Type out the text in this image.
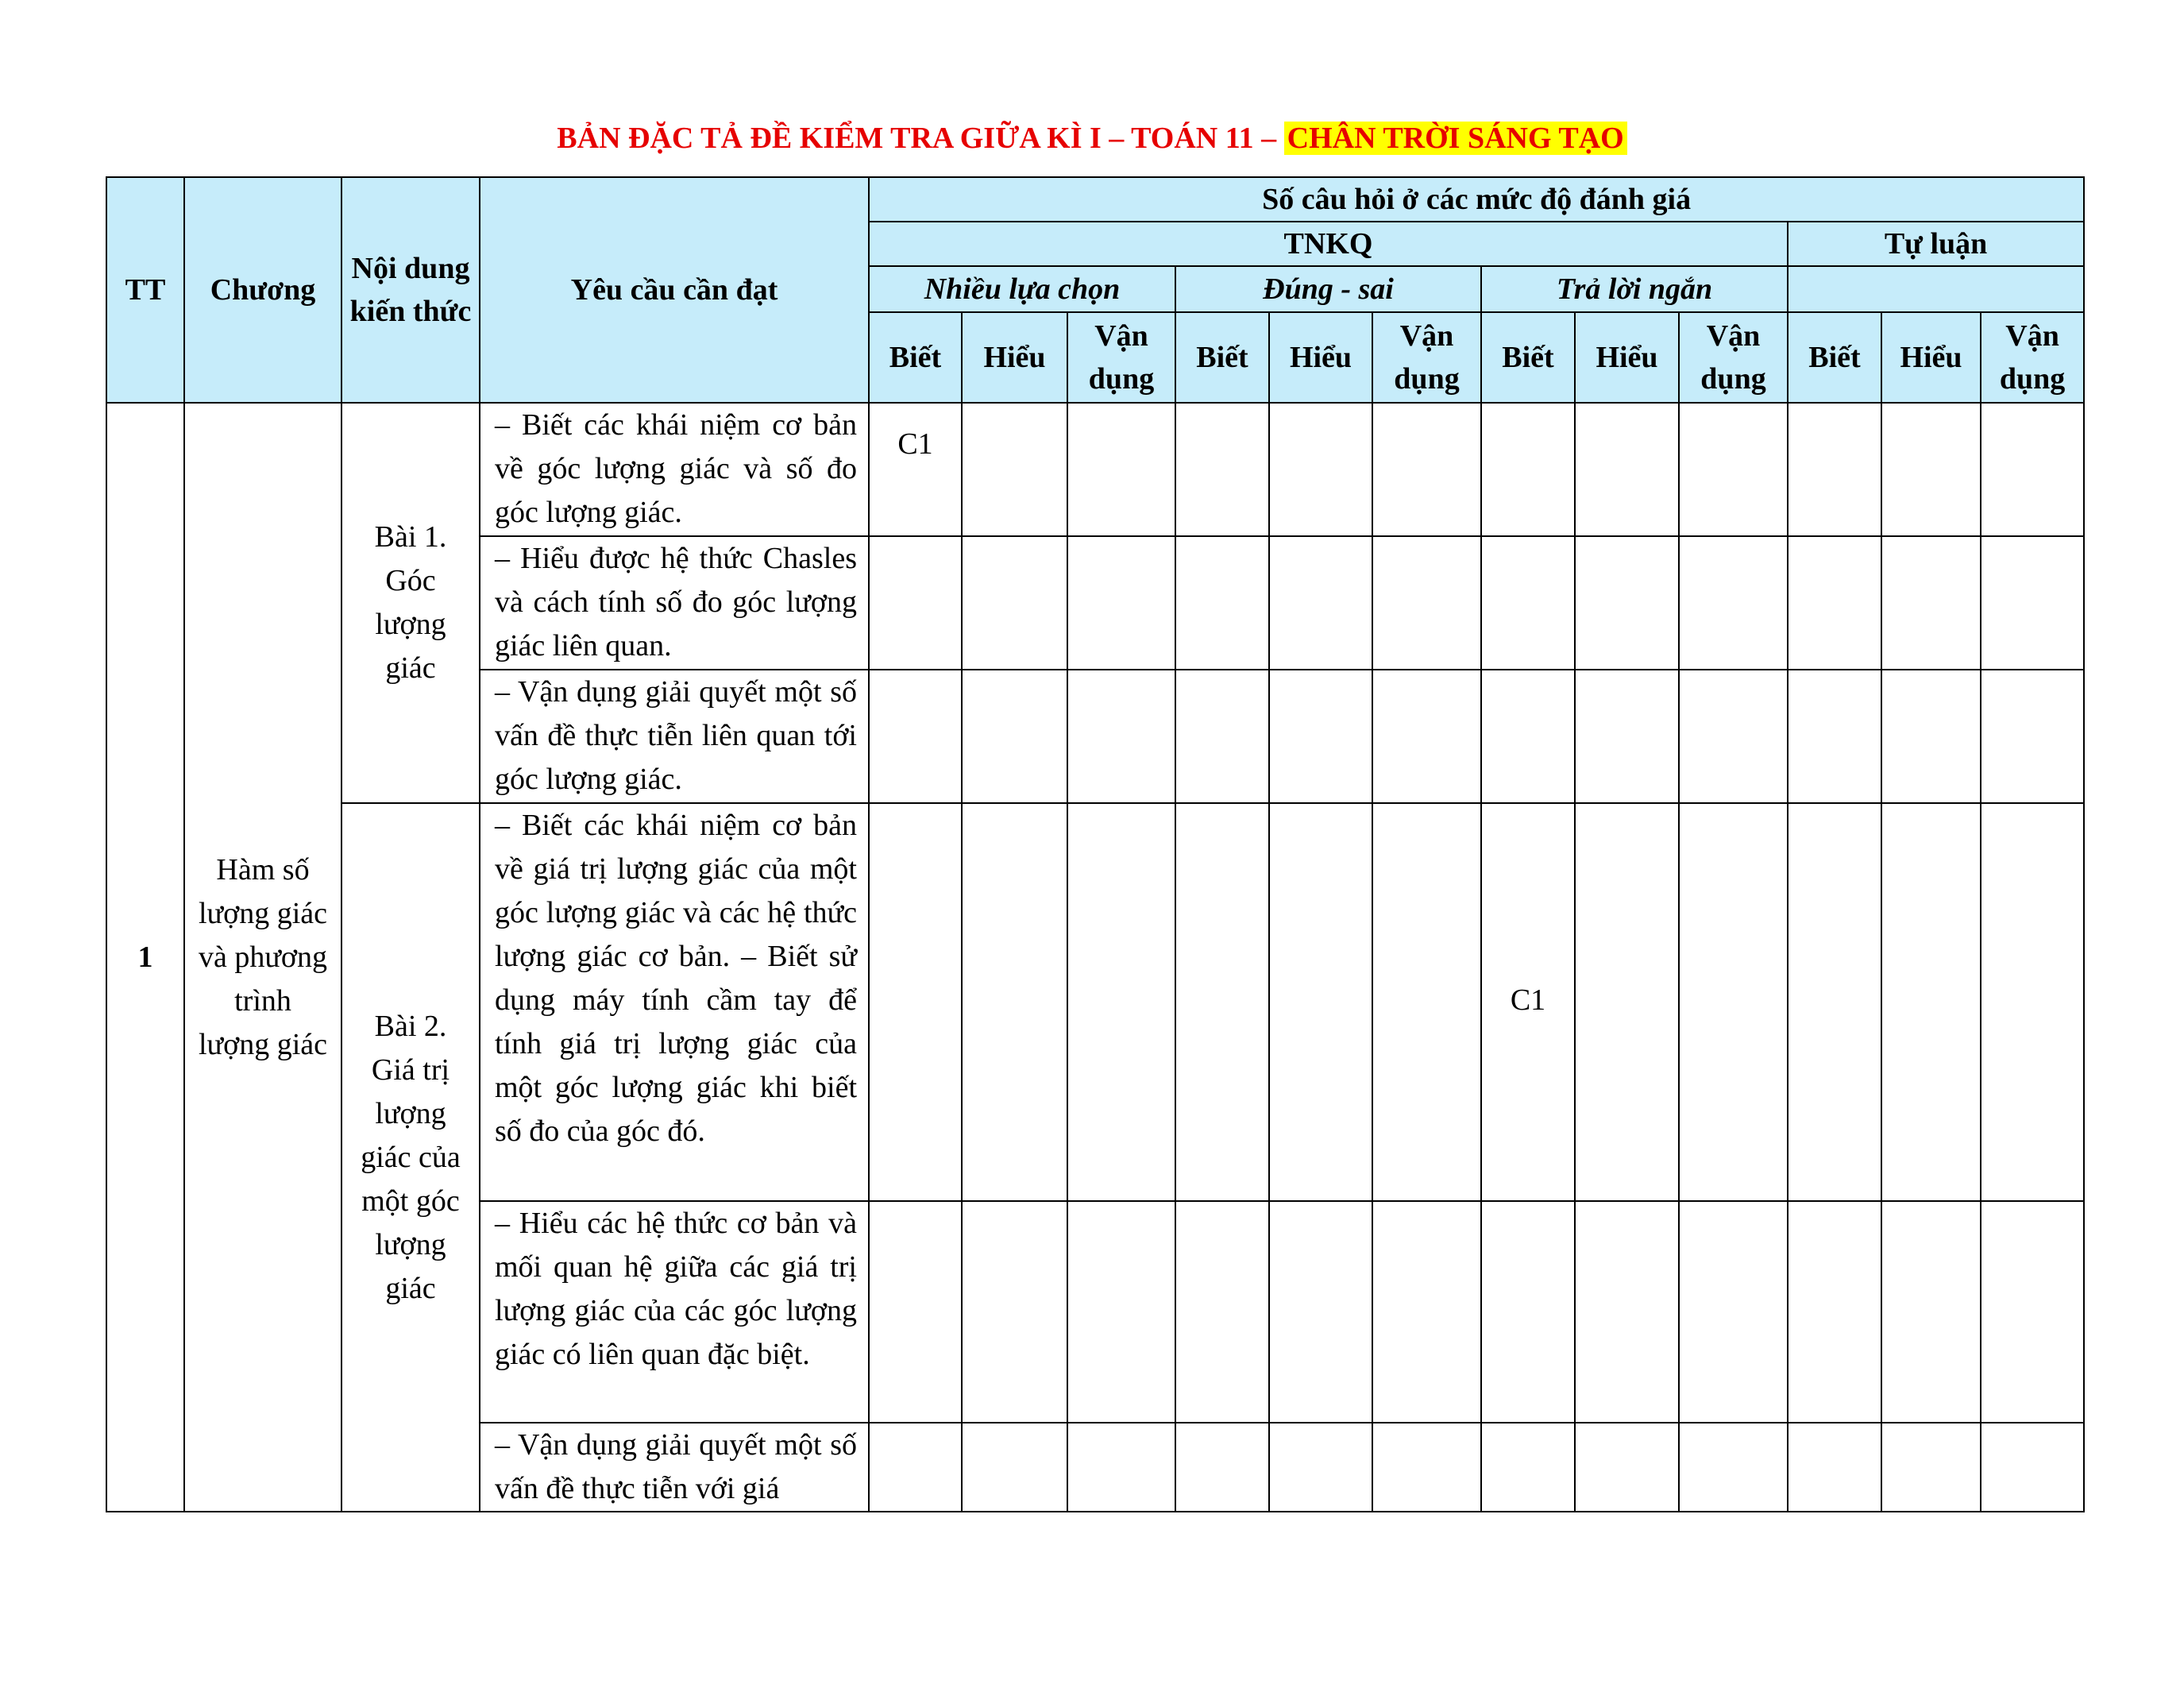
BẢN ĐẶC TẢ ĐỀ KIỂM TRA GIỮA KÌ I – TOÁN 11 – CHÂN TRỜI SÁNG TẠO
TT	Chương	Nội dung kiến thức	Yêu cầu cần đạt	Số câu hỏi ở các mức độ đánh giá											
				TNKQ									Tự luận		
				Nhiều lựa chọn			Đúng - sai			Trả lời ngắn					
				Biết	Hiểu	Vận dụng	Biết	Hiểu	Vận dụng	Biết	Hiểu	Vận dụng	Biết	Hiểu	Vận dụng
1	Hàm số lượng giác và phương trình lượng giác	Bài 1. Góc lượng giác	– Biết các khái niệm cơ bản về góc lượng giác và số đo góc lượng giác.	C1											
			– Hiểu được hệ thức Chasles và cách tính số đo góc lượng giác liên quan.												
			– Vận dụng giải quyết một số vấn đề thực tiễn liên quan tới góc lượng giác.												
		Bài 2. Giá trị lượng giác của một góc lượng giác	– Biết các khái niệm cơ bản về giá trị lượng giác của một góc lượng giác và các hệ thức lượng giác cơ bản. – Biết sử dụng máy tính cầm tay để tính giá trị lượng giác của một góc lượng giác khi biết số đo của góc đó.							C1					
			– Hiểu các hệ thức cơ bản và mối quan hệ giữa các giá trị lượng giác của các góc lượng giác có liên quan đặc biệt.												
			– Vận dụng giải quyết một số vấn đề thực tiễn với giá												
